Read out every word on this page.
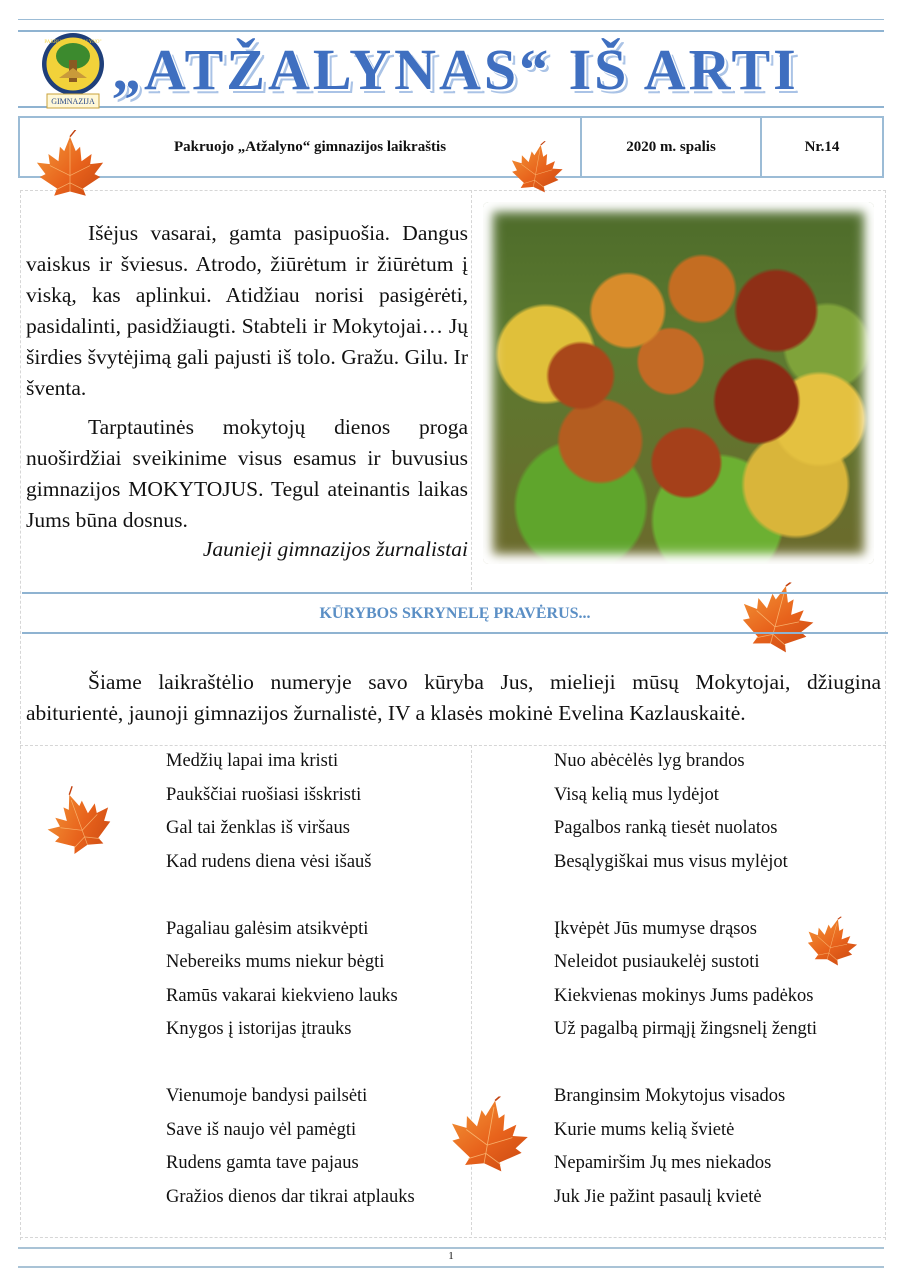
PAKRUOJO "ATŽALYNO"
GIMNAZIJA „ATŽALYNAS“ IŠ ARTI
Pakruojo „Atžalyno“ gimnazijos laikraštis	2020 m. spalis	Nr.14

Išėjus vasarai, gamta pasipuošia. Dangus vaiskus ir šviesus. Atrodo, žiūrėtum ir žiūrėtum į viską, kas aplinkui. Atidžiau norisi pasigėrėti, pasidalinti, pasidžiaugti. Stabteli ir Mokytojai… Jų širdies švytėjimą gali pajusti iš tolo. Gražu. Gilu. Ir šventa.

Tarptautinės mokytojų dienos proga nuoširdžiai sveikinime visus esamus ir buvusius gimnazijos MOKYTOJUS. Tegul ateinantis laikas Jums būna dosnus.

Jaunieji gimnazijos žurnalistai
KŪRYBOS SKRYNELĘ PRAVĖRUS...

Šiame laikraštėlio numeryje savo kūryba Jus, mielieji mūsų Mokytojai, džiugina abiturientė, jaunoji gimnazijos žurnalistė, IV a klasės mokinė Evelina Kazlauskaitė.

Medžių lapai ima kristi
Paukščiai ruošiasi išskristi
Gal tai ženklas iš viršaus
Kad rudens diena vėsi išauš
Pagaliau galėsim atsikvėpti
Nebereiks mums niekur bėgti
Ramūs vakarai kiekvieno lauks
Knygos į istorijas įtrauks
Vienumoje bandysi pailsėti
Save iš naujo vėl pamėgti
Rudens gamta tave pajaus
Gražios dienos dar tikrai atplauks
Nuo abėcėlės lyg brandos
Visą kelią mus lydėjot
Pagalbos ranką tiesėt nuolatos
Besąlygiškai mus visus mylėjot
Įkvėpėt Jūs mumyse drąsos
Neleidot pusiaukelėj sustoti
Kiekvienas mokinys Jums padėkos
Už pagalbą pirmąjį žingsnelį žengti
Branginsim Mokytojus visados
Kurie mums kelią švietė
Nepamiršim Jų mes niekados
Juk Jie pažint pasaulį kvietė
1
